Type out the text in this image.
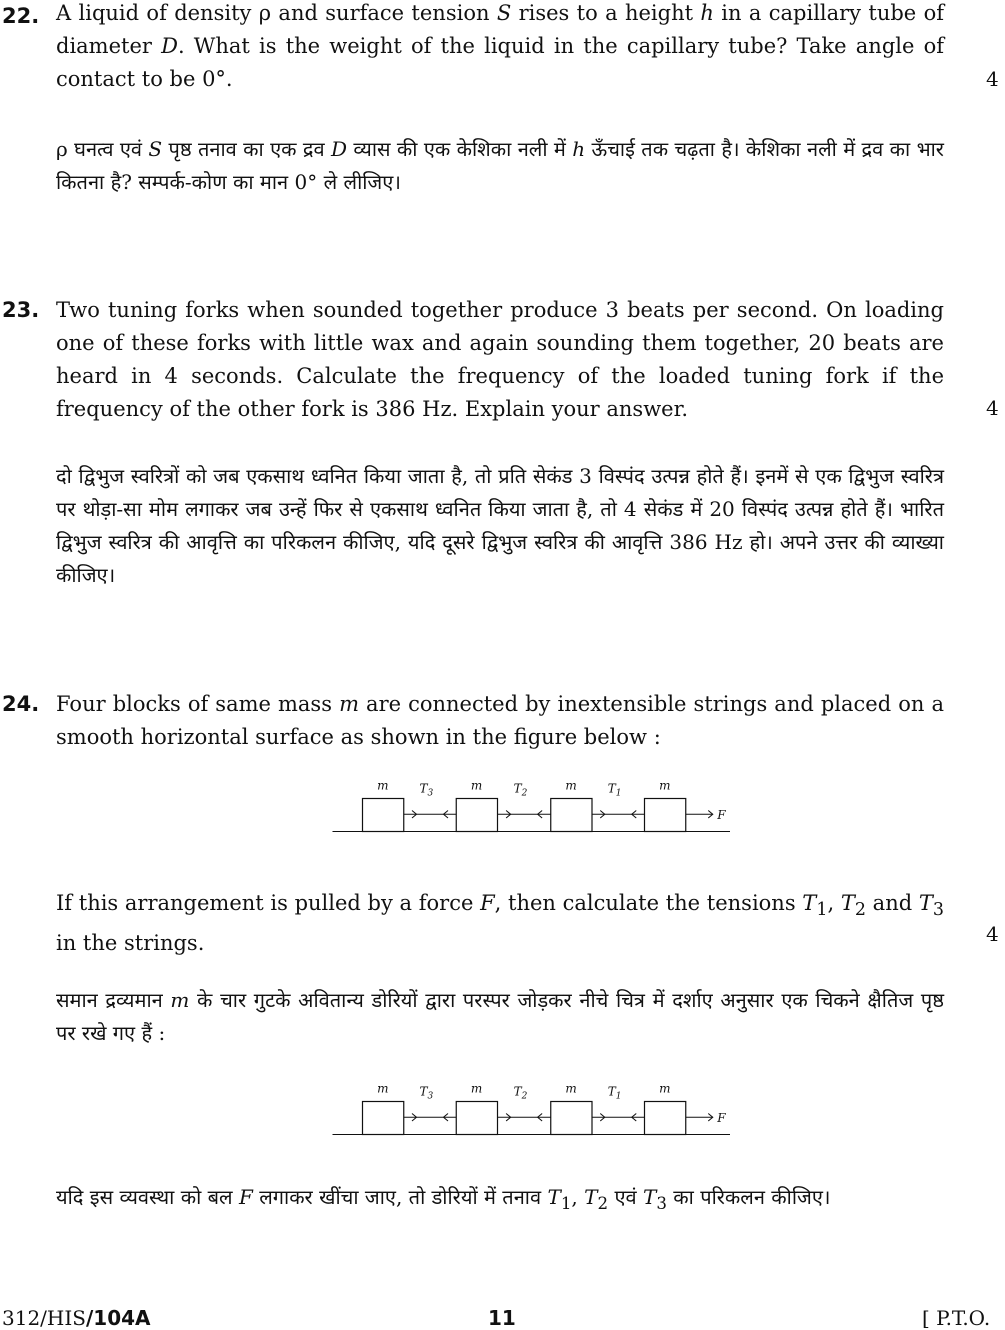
22. A liquid of density ρ and surface tension S rises to a height h in a capillary tube of diameter D. What is the weight of the liquid in the capillary tube? Take angle of contact to be 0°.	4
ρ घनत्व एवं S पृष्ठ तनाव का एक द्रव D व्यास की एक केशिका नली में h ऊँचाई तक चढ़ता है। केशिका नली में द्रव का भार कितना है? सम्पर्क-कोण का मान 0° ले लीजिए।
23. Two tuning forks when sounded together produce 3 beats per second. On loading one of these forks with little wax and again sounding them together, 20 beats are heard in 4 seconds. Calculate the frequency of the loaded tuning fork if the frequency of the other fork is 386 Hz. Explain your answer.	4
दो द्विभुज स्वरित्रों को जब एकसाथ ध्वनित किया जाता है, तो प्रति सेकंड 3 विस्पंद उत्पन्न होते हैं। इनमें से एक द्विभुज स्वरित्र पर थोड़ा-सा मोम लगाकर जब उन्हें फिर से एकसाथ ध्वनित किया जाता है, तो 4 सेकंड में 20 विस्पंद उत्पन्न होते हैं। भारित द्विभुज स्वरित्र की आवृत्ति का परिकलन कीजिए, यदि दूसरे द्विभुज स्वरित्र की आवृत्ति 386 Hz हो। अपने उत्तर की व्याख्या कीजिए।
24. Four blocks of same mass m are connected by inextensible strings and placed on a smooth horizontal surface as shown in the figure below :
m	m	m	m
$T_3$	$T_2$	$T_1$
F
If this arrangement is pulled by a force F, then calculate the tensions $T_1$, $T_2$ and $T_3$ in the strings.	4
समान द्रव्यमान m के चार गुटके अवितान्य डोरियों द्वारा परस्पर जोड़कर नीचे चित्र में दर्शाए अनुसार एक चिकने क्षैतिज पृष्ठ पर रखे गए हैं :
m	m	m	m
$T_3$	$T_2$	$T_1$
F
यदि इस व्यवस्था को बल F लगाकर खींचा जाए, तो डोरियों में तनाव $T_1$, $T_2$ एवं $T_3$ का परिकलन कीजिए।
312/HIS/104A	11	[ P.T.O.
